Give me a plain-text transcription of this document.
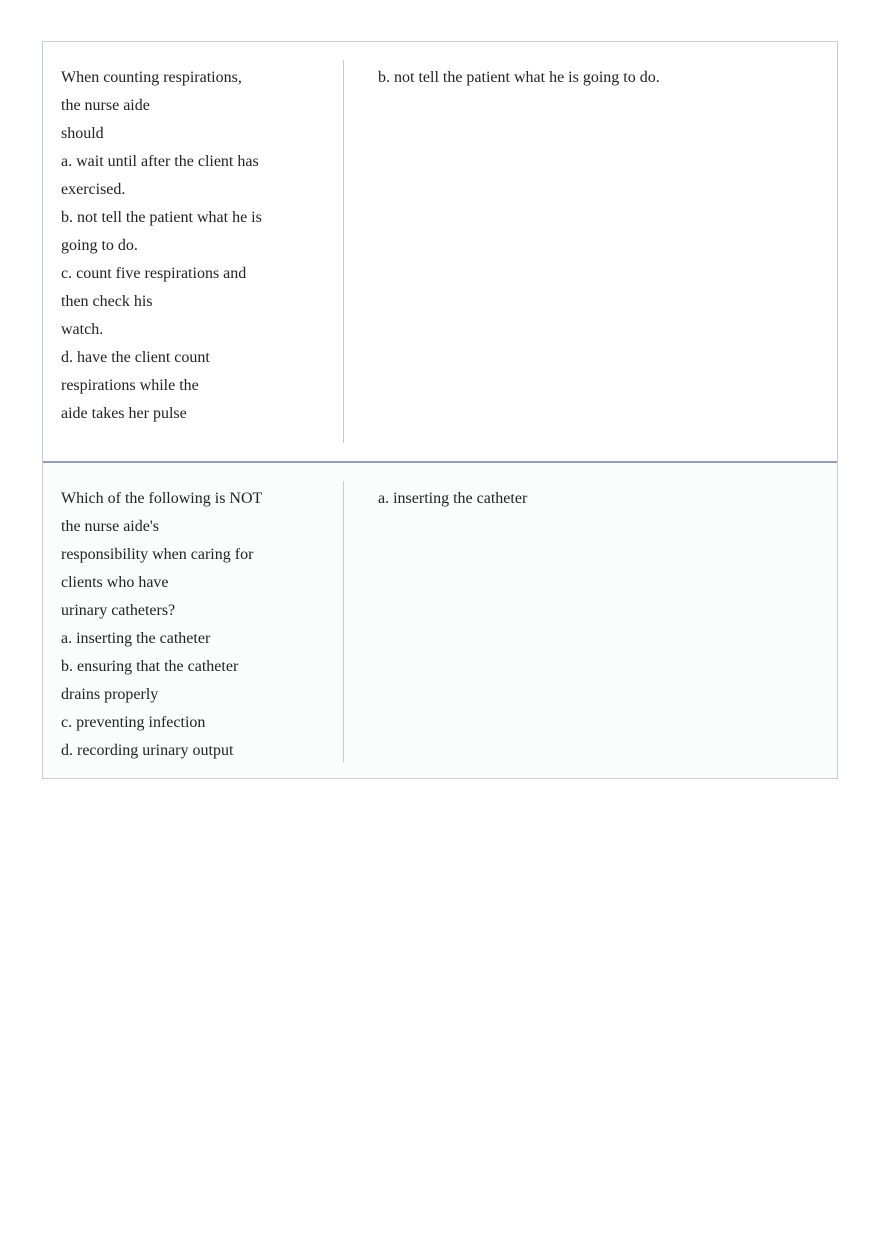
When counting respirations,
the nurse aide
should
a. wait until after the client has
exercised.
b. not tell the patient what he is
going to do.
c. count five respirations and
then check his
watch.
d. have the client count
respirations while the
aide takes her pulse
b. not tell the patient what he is going to do.
Which of the following is NOT
the nurse aide's
responsibility when caring for
clients who have
urinary catheters?
a. inserting the catheter
b. ensuring that the catheter
drains properly
c. preventing infection
d. recording urinary output
a. inserting the catheter
